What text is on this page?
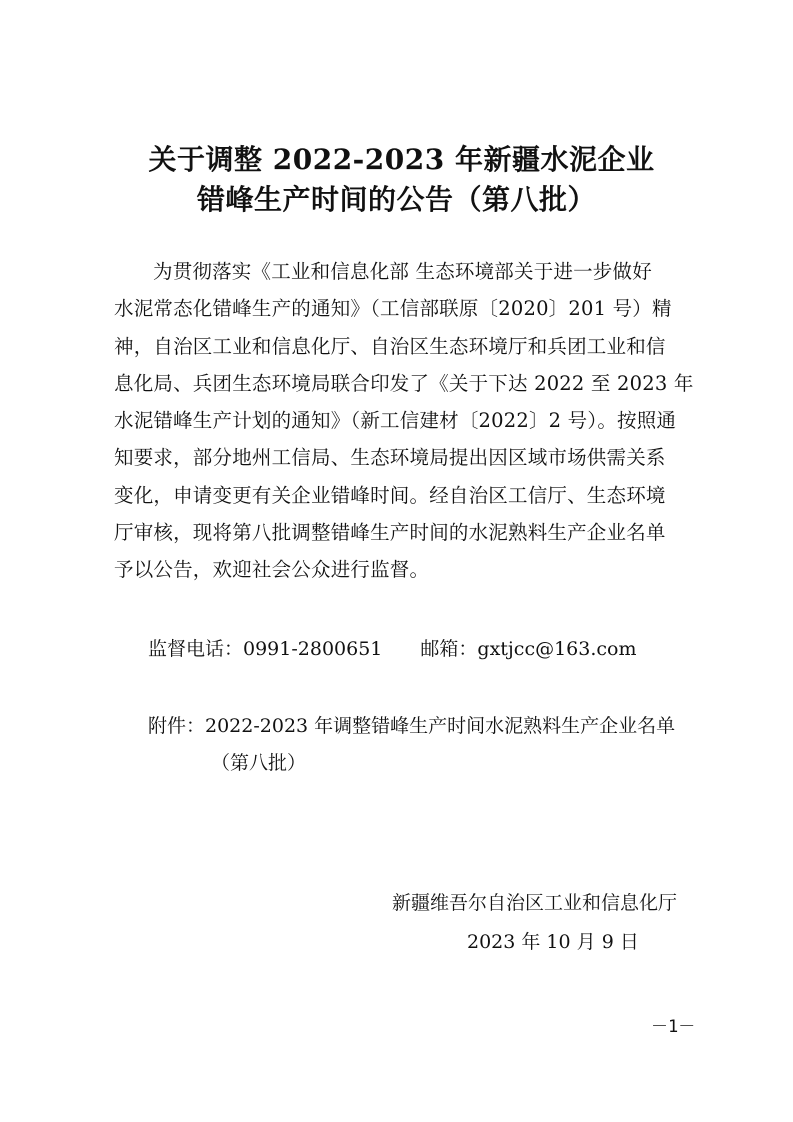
关于调整 2022-2023 年新疆水泥企业
错峰生产时间的公告（第八批）
为贯彻落实《工业和信息化部 生态环境部关于进一步做好
水泥常态化错峰生产的通知》（工信部联原〔2020〕201 号）精
神，自治区工业和信息化厅、自治区生态环境厅和兵团工业和信
息化局、兵团生态环境局联合印发了《关于下达 2022 至 2023 年
水泥错峰生产计划的通知》（新工信建材〔2022〕2 号）。按照通
知要求，部分地州工信局、生态环境局提出因区域市场供需关系
变化，申请变更有关企业错峰时间。经自治区工信厅、生态环境
厅审核，现将第八批调整错峰生产时间的水泥熟料生产企业名单
予以公告，欢迎社会公众进行监督。
监督电话：0991-2800651 邮箱：gxtjcc@163.com
附件：2022-2023 年调整错峰生产时间水泥熟料生产企业名单
（第八批）
新疆维吾尔自治区工业和信息化厅
2023 年 10 月 9 日
－1－
